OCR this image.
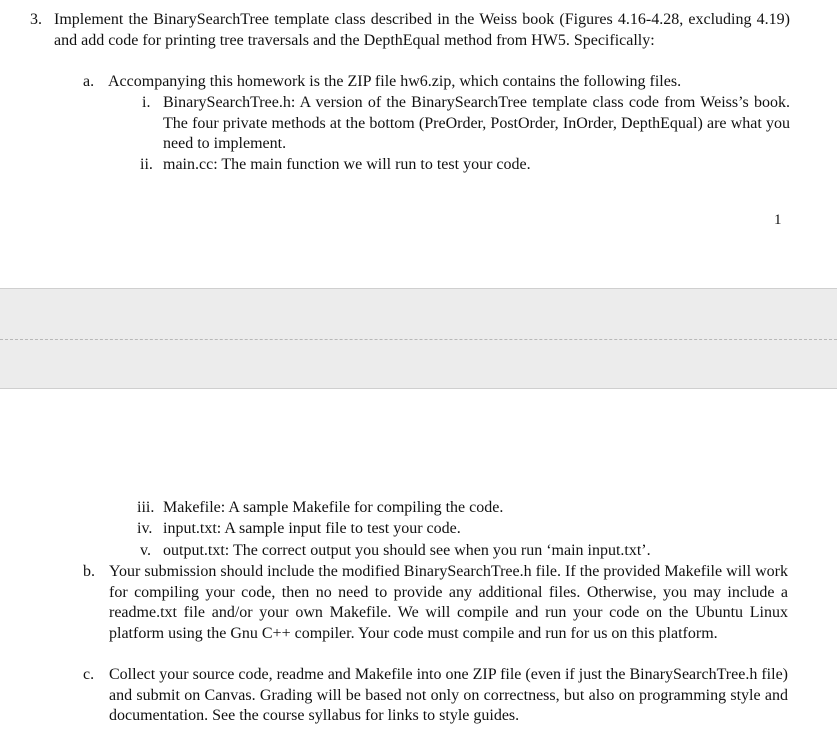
3. Implement the BinarySearchTree template class described in the Weiss book (Figures 4.16-4.28, excluding 4.19) and add code for printing tree traversals and the DepthEqual method from HW5. Specifically:
a. Accompanying this homework is the ZIP file hw6.zip, which contains the following files.
i. BinarySearchTree.h: A version of the BinarySearchTree template class code from Weiss’s book. The four private methods at the bottom (PreOrder, PostOrder, InOrder, DepthEqual) are what you need to implement.
ii. main.cc: The main function we will run to test your code.
1
iii. Makefile: A sample Makefile for compiling the code.
iv. input.txt: A sample input file to test your code.
v. output.txt: The correct output you should see when you run ‘main input.txt’.
b. Your submission should include the modified BinarySearchTree.h file. If the provided Makefile will work for compiling your code, then no need to provide any additional files. Otherwise, you may include a readme.txt file and/or your own Makefile. We will compile and run your code on the Ubuntu Linux platform using the Gnu C++ compiler. Your code must compile and run for us on this platform.
c. Collect your source code, readme and Makefile into one ZIP file (even if just the BinarySearchTree.h file) and submit on Canvas. Grading will be based not only on correctness, but also on programming style and documentation. See the course syllabus for links to style guides.
